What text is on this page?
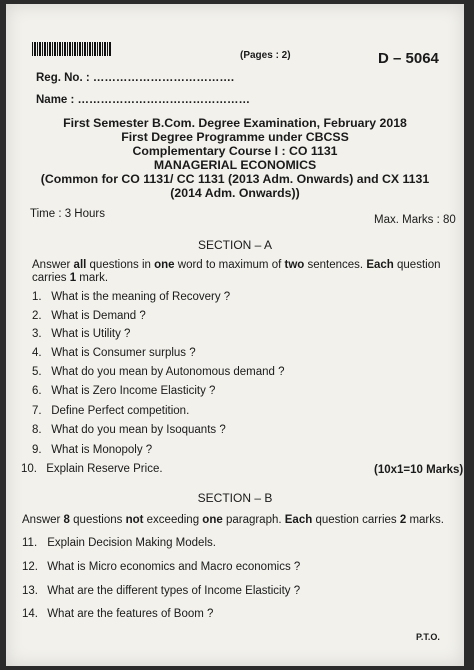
(Pages : 2)	D – 5064
Reg. No. : ……………………………….
Name : ………………………………………
First Semester B.Com. Degree Examination, February 2018
First Degree Programme under CBCSS
Complementary Course I : CO 1131
MANAGERIAL ECONOMICS
(Common for CO 1131/ CC 1131 (2013 Adm. Onwards) and CX 1131
(2014 Adm. Onwards))
Time : 3 Hours	Max. Marks : 80
SECTION – A
Answer all questions in one word to maximum of two sentences. Each question
carries 1 mark.
1. What is the meaning of Recovery ?
2. What is Demand ?
3. What is Utility ?
4. What is Consumer surplus ?
5. What do you mean by Autonomous demand ?
6. What is Zero Income Elasticity ?
7. Define Perfect competition.
8. What do you mean by Isoquants ?
9. What is Monopoly ?
10. Explain Reserve Price.	(10x1=10 Marks)
SECTION – B
Answer 8 questions not exceeding one paragraph. Each question carries 2 marks.
11. Explain Decision Making Models.
12. What is Micro economics and Macro economics ?
13. What are the different types of Income Elasticity ?
14. What are the features of Boom ?
P.T.O.
